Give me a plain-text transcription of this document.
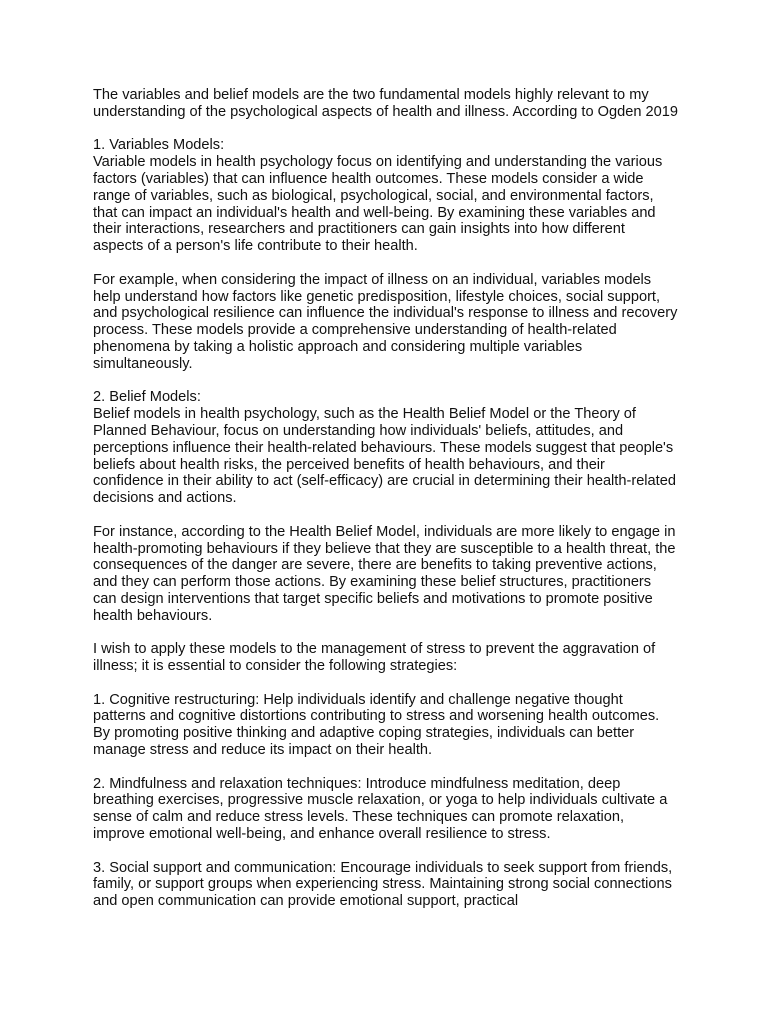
The variables and belief models are the two fundamental models highly relevant to my understanding of the psychological aspects of health and illness. According to Ogden 2019

1. Variables Models:
Variable models in health psychology focus on identifying and understanding the various factors (variables) that can influence health outcomes. These models consider a wide range of variables, such as biological, psychological, social, and environmental factors, that can impact an individual's health and well-being. By examining these variables and their interactions, researchers and practitioners can gain insights into how different aspects of a person's life contribute to their health.

For example, when considering the impact of illness on an individual, variables models help understand how factors like genetic predisposition, lifestyle choices, social support, and psychological resilience can influence the individual's response to illness and recovery process. These models provide a comprehensive understanding of health-related phenomena by taking a holistic approach and considering multiple variables simultaneously.

2. Belief Models:
Belief models in health psychology, such as the Health Belief Model or the Theory of Planned Behaviour, focus on understanding how individuals' beliefs, attitudes, and perceptions influence their health-related behaviours. These models suggest that people's beliefs about health risks, the perceived benefits of health behaviours, and their confidence in their ability to act (self-efficacy) are crucial in determining their health-related decisions and actions.

For instance, according to the Health Belief Model, individuals are more likely to engage in health-promoting behaviours if they believe that they are susceptible to a health threat, the consequences of the danger are severe, there are benefits to taking preventive actions, and they can perform those actions. By examining these belief structures, practitioners can design interventions that target specific beliefs and motivations to promote positive health behaviours.

I wish to apply these models to the management of stress to prevent the aggravation of illness; it is essential to consider the following strategies:

1. Cognitive restructuring: Help individuals identify and challenge negative thought patterns and cognitive distortions contributing to stress and worsening health outcomes. By promoting positive thinking and adaptive coping strategies, individuals can better manage stress and reduce its impact on their health.

2. Mindfulness and relaxation techniques: Introduce mindfulness meditation, deep breathing exercises, progressive muscle relaxation, or yoga to help individuals cultivate a sense of calm and reduce stress levels. These techniques can promote relaxation, improve emotional well-being, and enhance overall resilience to stress.

3. Social support and communication: Encourage individuals to seek support from friends, family, or support groups when experiencing stress. Maintaining strong social connections and open communication can provide emotional support, practical
